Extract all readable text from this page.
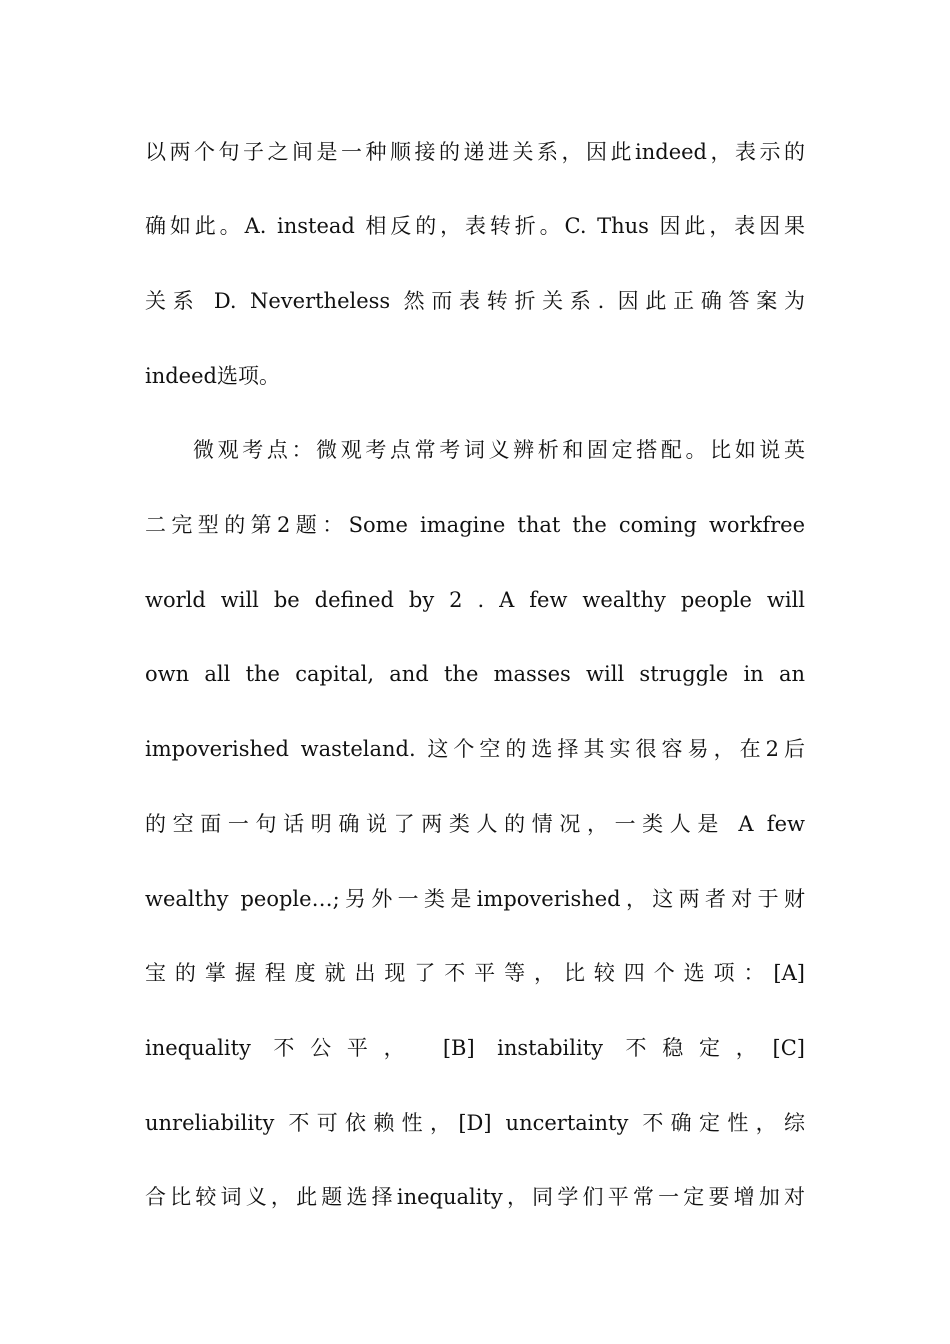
以两个句子之间是一种顺接的递进关系，因此indeed，表示的
确如此。A. instead 相反的，表转折。C. Thus 因此，表因果
关系 D. Nevertheless 然而表转折关系. 因此正确答案为
indeed选项。
微观考点：微观考点常考词义辨析和固定搭配。比如说英
二完型的第2题：Some imagine that the coming workfree
world will be defined by 2 . A few wealthy people will
own all the capital, and the masses will struggle in an
impoverished wasteland. 这个空的选择其实很容易，在2后
的空面一句话明确说了两类人的情况，一类人是 A few
wealthy people…;另外一类是impoverished，这两者对于财
宝的掌握程度就出现了不平等，比较四个选项：[A]
inequality 不公平， [B] instability 不稳定，[C]
unreliability 不可依赖性，[D] uncertainty 不确定性，综
合比较词义，此题选择inequality，同学们平常一定要增加对
